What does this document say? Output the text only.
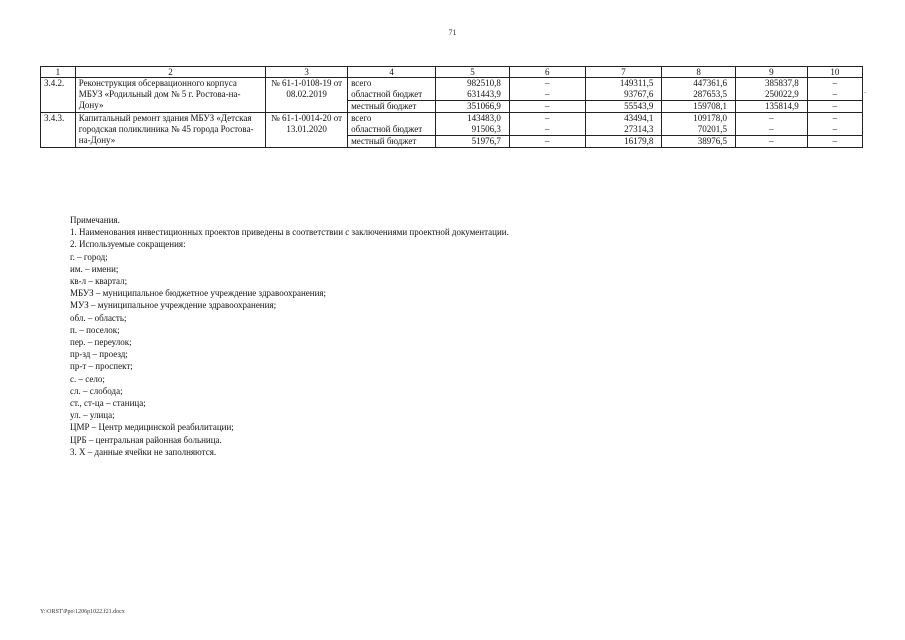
71
1	2	3	4	5	6	7	8	9	10
3.4.2.	Реконструкция обсервационного корпуса МБУЗ «Родильный дом № 5 г. Ростова-на-Дону»	№ 61-1-0108-19 от 08.02.2019	всего	982510,8	–	149311,5	447361,6	385837,8	–
			областной бюджет	631443,9	–	93767,6	287653,5	250022,9	–
			местный бюджет	351066,9	–	55543,9	159708,1	135814,9	–
3.4.3.	Капитальный ремонт здания МБУЗ «Детская городская поликлиника № 45 города Ростова-на-Дону»	№ 61-1-0014-20 от 13.01.2020	всего	143483,0	–	43494,1	109178,0	–	–
			областной бюджет	91506,3	–	27314,3	70201,5	–	–
			местный бюджет	51976,7	–	16179,8	38976,5	–	–
Примечания.
1. Наименования инвестиционных проектов приведены в соответствии с заключениями проектной документации.
2. Используемые сокращения:
г. – город;
им. – имени;
кв-л – квартал;
МБУЗ – муниципальное бюджетное учреждение здравоохранения;
МУЗ – муниципальное учреждение здравоохранения;
обл. – область;
п. – поселок;
пер. – переулок;
пр-зд – проезд;
пр-т – проспект;
с. – село;
сл. – слобода;
ст., ст-ца – станица;
ул. – улица;
ЦМР – Центр медицинской реабилитации;
ЦРБ – центральная районная больница.
3. Х – данные ячейки не заполняются.
.
Y:\ORST\Ppo\1206p1022.f21.docx
